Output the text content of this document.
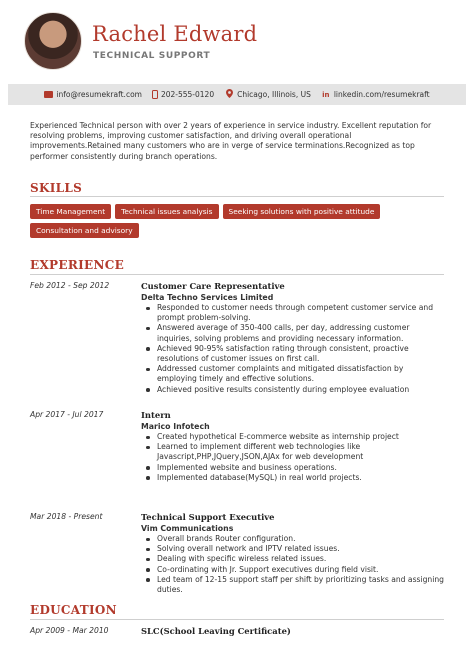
Rachel Edward
TECHNICAL SUPPORT
info@resumekraft.com	202-555-0120	Chicago, Illinois, US in linkedin.com/resumekraft
Experienced Technical person with over 2 years of experience in service industry. Excellent reputation for resolving problems, improving customer satisfaction, and driving overall operational improvements.Retained many customers who are in verge of service terminations.Recognized as top performer consistently during branch operations.
SKILLS
Time Management	Technical issues analysis	Seeking solutions with positive attitude
Consultation and advisory
EXPERIENCE
Feb 2012 - Sep 2012	Customer Care Representative
Delta Techno Services Limited
Responded to customer needs through competent customer service and prompt problem-solving.
Answered average of 350-400 calls, per day, addressing customer inquiries, solving problems and providing necessary information.
Achieved 90-95% satisfaction rating through consistent, proactive resolutions of customer issues on first call.
Addressed customer complaints and mitigated dissatisfaction by employing timely and effective solutions.
Achieved positive results consistently during employee evaluation
Apr 2017 - Jul 2017	Intern
Marico Infotech
Created hypothetical E-commerce website as internship project
Learned to implement different web technologies like Javascript,PHP,JQuery,JSON,AJAx for web development
Implemented website and business operations.
Implemented database(MySQL) in real world projects.
Mar 2018 - Present	Technical Support Executive
Vim Communications
Overall brands Router configuration.
Solving overall network and IPTV related issues.
Dealing with specific wireless related issues.
Co-ordinating with Jr. Support executives during field visit.
Led team of 12-15 support staff per shift by prioritizing tasks and assigning duties.
EDUCATION
Apr 2009 - Mar 2010	SLC(School Leaving Certificate)
